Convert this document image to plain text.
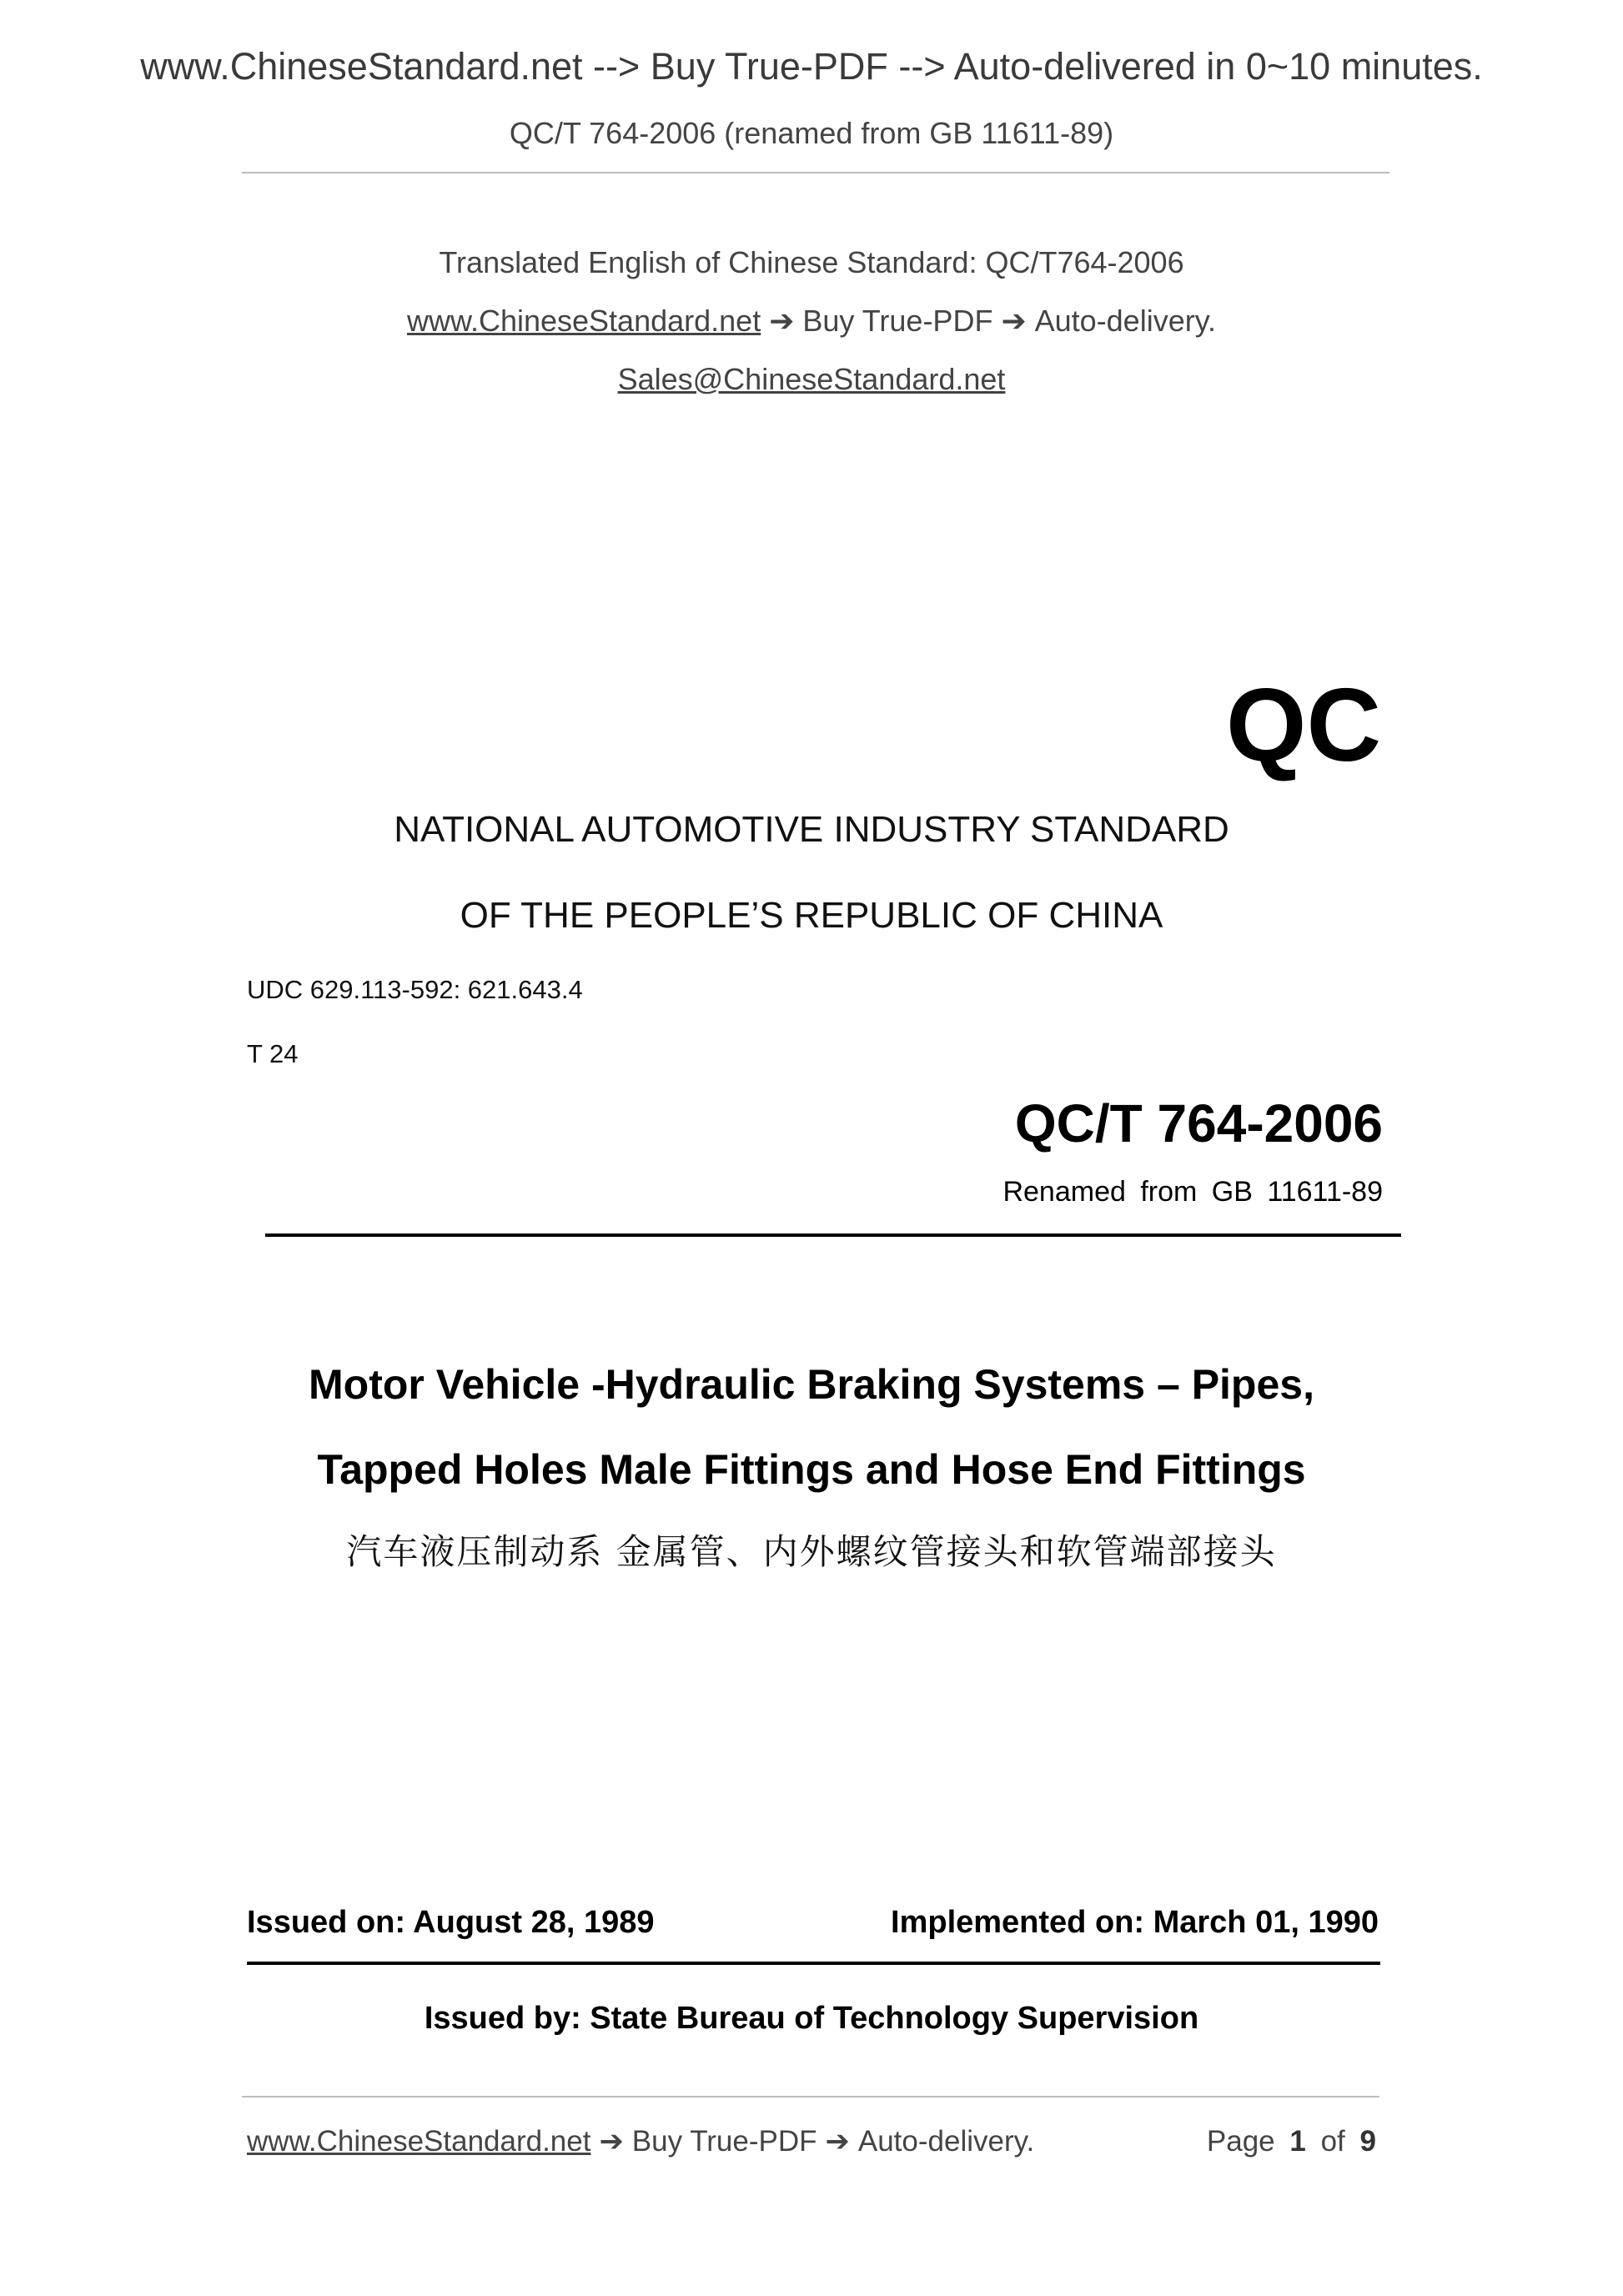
www.ChineseStandard.net --> Buy True-PDF --> Auto-delivered in 0~10 minutes.
QC/T 764-2006 (renamed from GB 11611-89)
Translated English of Chinese Standard: QC/T764-2006
www.ChineseStandard.net ➔ Buy True-PDF ➔ Auto-delivery.
Sales@ChineseStandard.net
QC
NATIONAL AUTOMOTIVE INDUSTRY STANDARD
OF THE PEOPLE’S REPUBLIC OF CHINA
UDC 629.113-592: 621.643.4
T 24
QC/T 764-2006
Renamed from GB 11611-89
Motor Vehicle -Hydraulic Braking Systems – Pipes,
Tapped Holes Male Fittings and Hose End Fittings
汽车液压制动系 金属管、内外螺纹管接头和软管端部接头
Issued on: August 28, 1989	Implemented on: March 01, 1990
Issued by: State Bureau of Technology Supervision
www.ChineseStandard.net ➔ Buy True-PDF ➔ Auto-delivery.	Page 1 of 9
